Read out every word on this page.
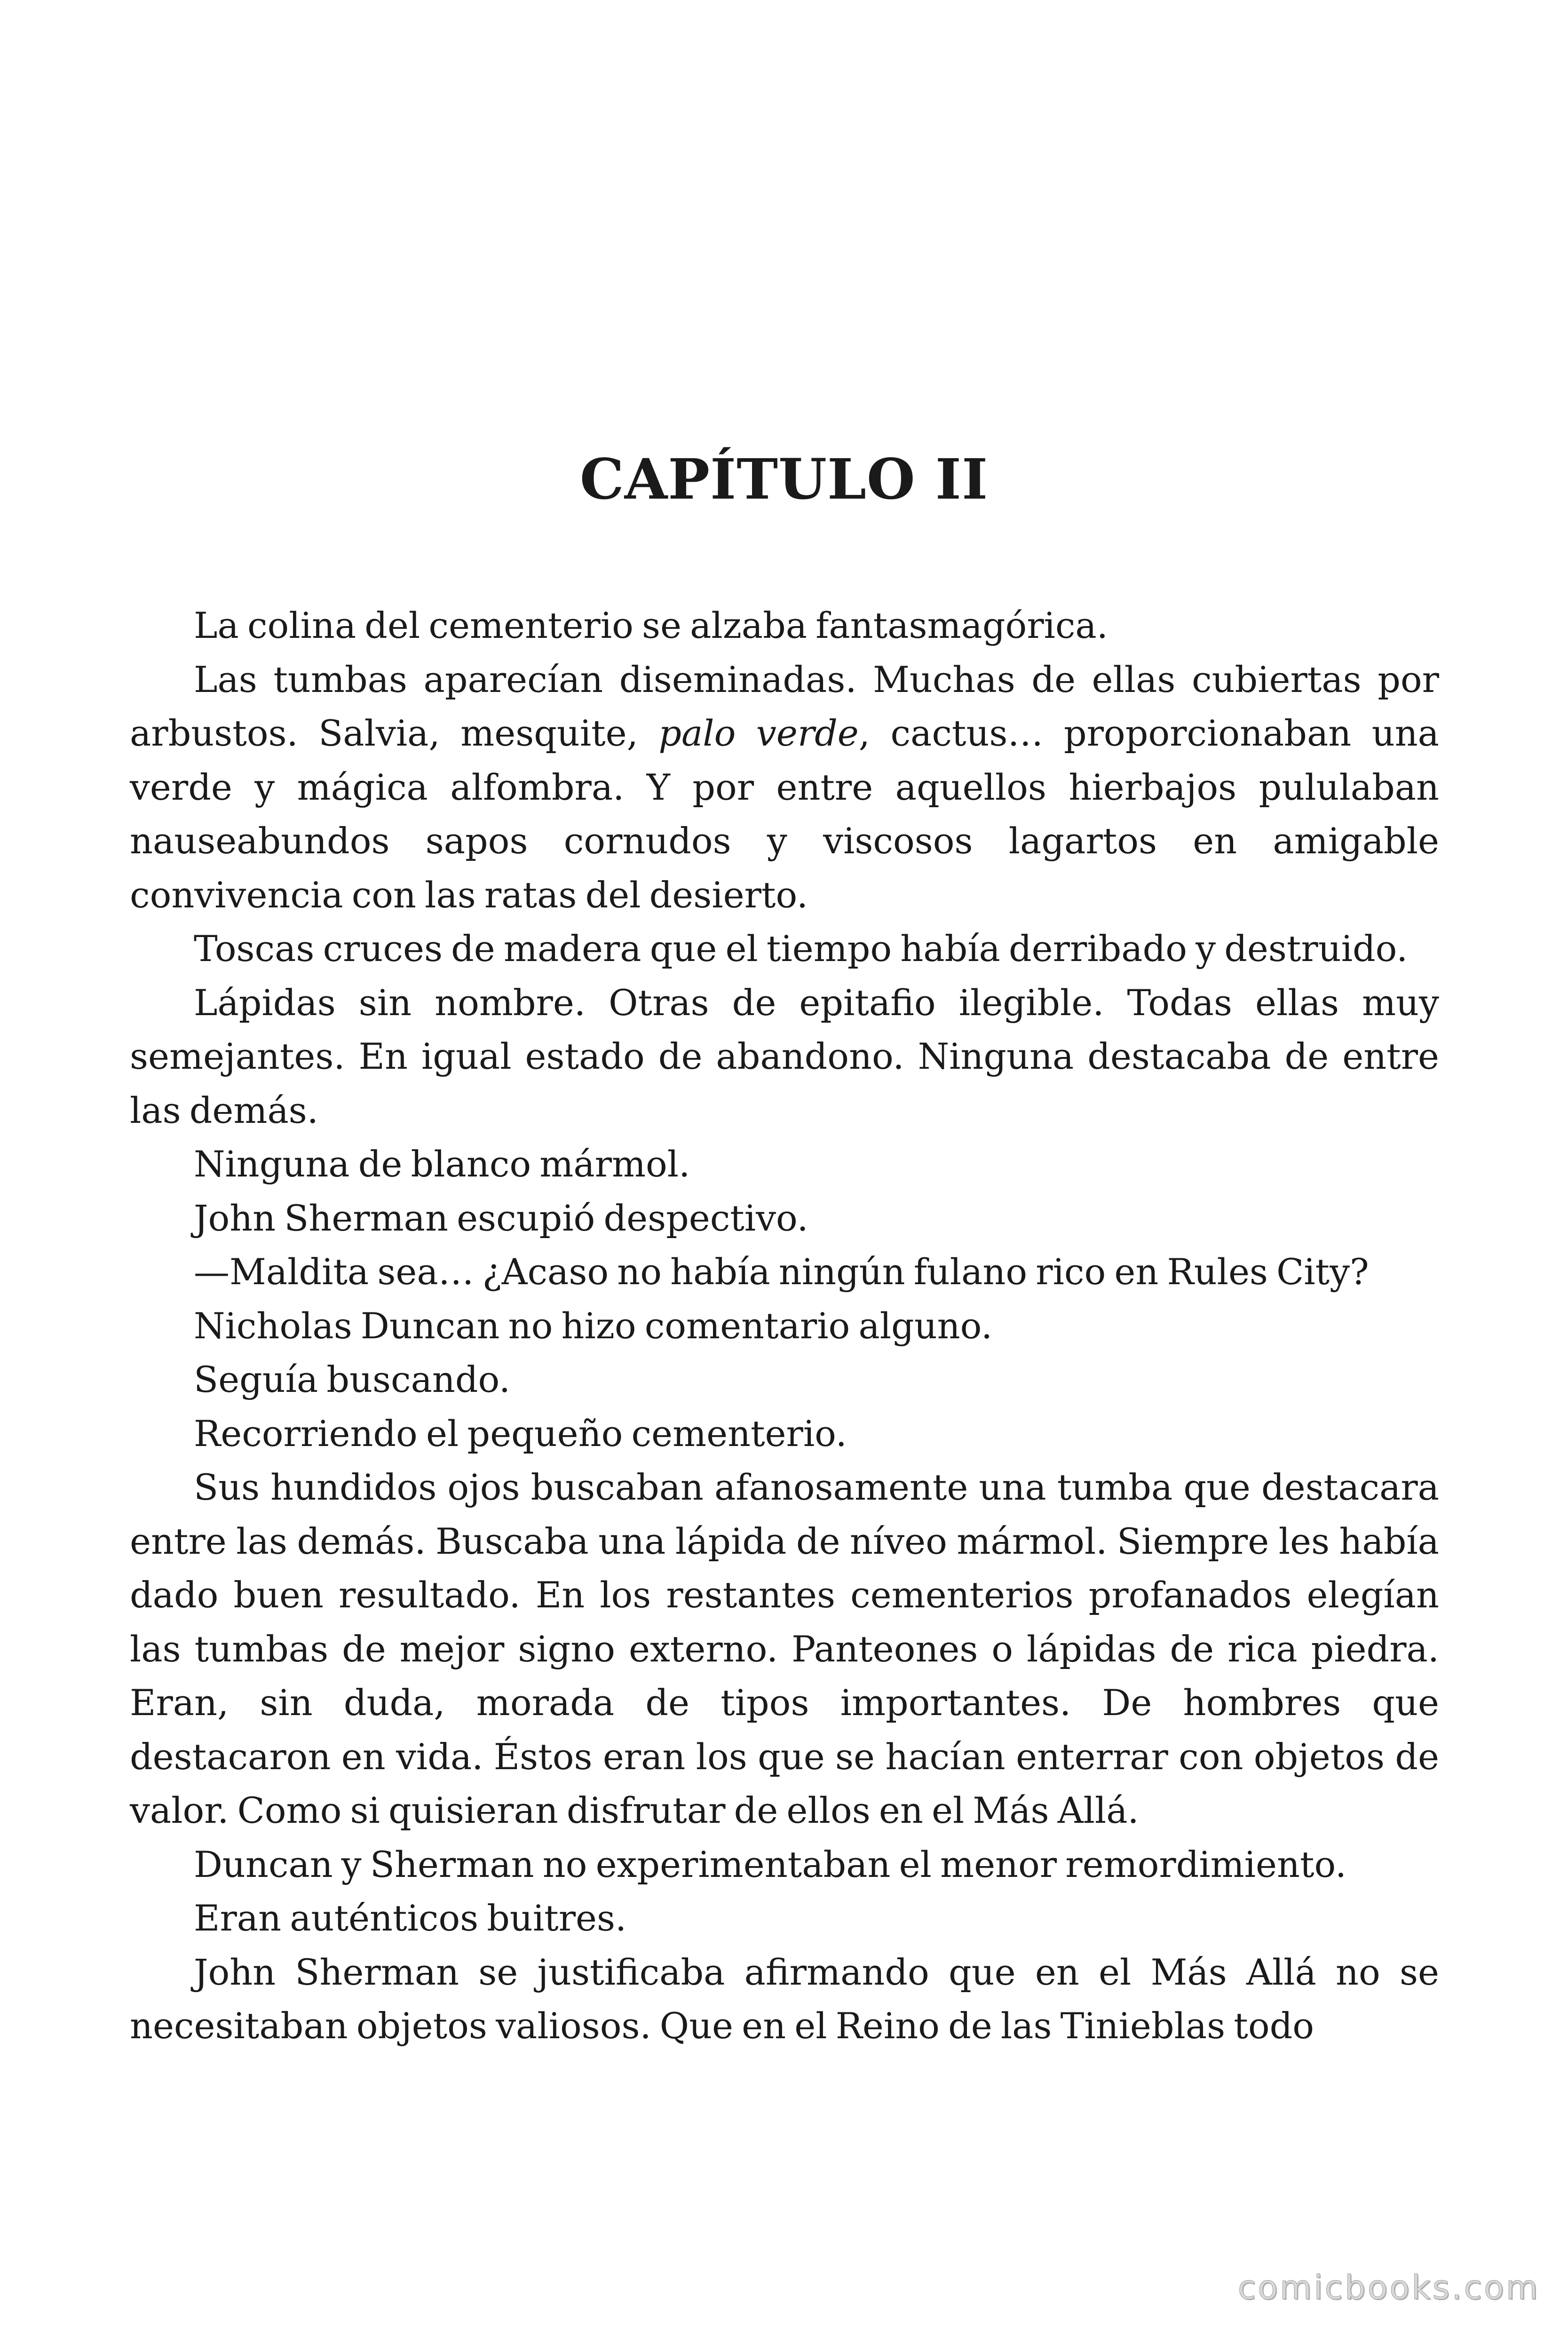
CAPÍTULO II

La colina del cementerio se alzaba fantasmagórica.

Las tumbas aparecían diseminadas. Muchas de ellas cubiertas por arbustos. Salvia, mesquite, palo verde, cactus… proporcionaban una verde y mágica alfombra. Y por entre aquellos hierbajos pululaban nauseabundos sapos cornudos y viscosos lagartos en amigable convivencia con las ratas del desierto.

Toscas cruces de madera que el tiempo había derribado y destruido.

Lápidas sin nombre. Otras de epitafio ilegible. Todas ellas muy semejantes. En igual estado de abandono. Ninguna destacaba de entre las demás.

Ninguna de blanco mármol.

John Sherman escupió despectivo.

—Maldita sea… ¿Acaso no había ningún fulano rico en Rules City?

Nicholas Duncan no hizo comentario alguno.

Seguía buscando.

Recorriendo el pequeño cementerio.

Sus hundidos ojos buscaban afanosamente una tumba que destacara entre las demás. Buscaba una lápida de níveo mármol. Siempre les había dado buen resultado. En los restantes cementerios profanados elegían las tumbas de mejor signo externo. Panteones o lápidas de rica piedra. Eran, sin duda, morada de tipos importantes. De hombres que destacaron en vida. Éstos eran los que se hacían enterrar con objetos de valor. Como si quisieran disfrutar de ellos en el Más Allá.

Duncan y Sherman no experimentaban el menor remordimiento.

Eran auténticos buitres.

John Sherman se justificaba afirmando que en el Más Allá no se necesitaban objetos valiosos. Que en el Reino de las Tinieblas todo

comicbooks.com
